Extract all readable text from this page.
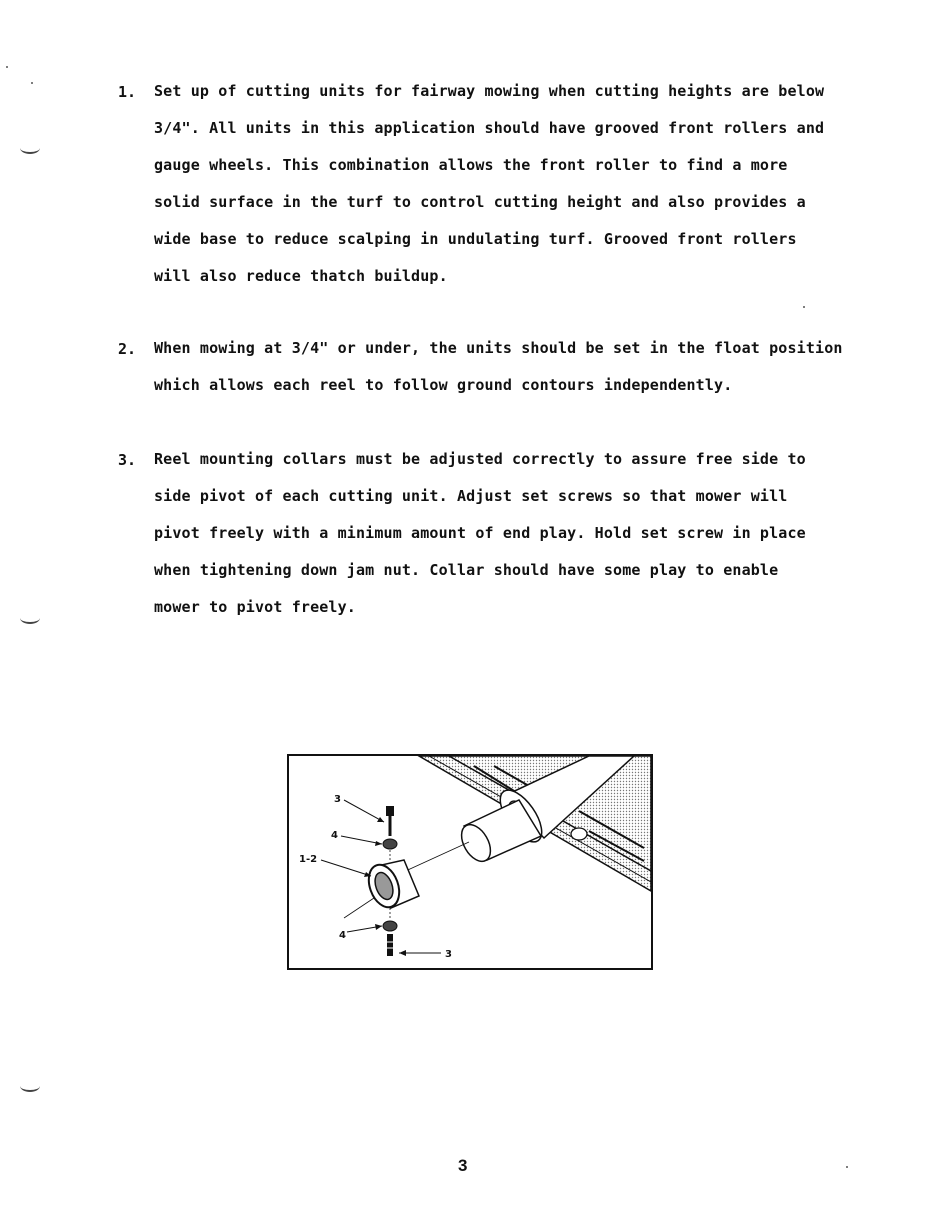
1. Set up of cutting units for fairway mowing when cutting heights are below
3/4". All units in this application should have grooved front rollers and
gauge wheels. This combination allows the front roller to find a more
solid surface in the turf to control cutting height and also provides a
wide base to reduce scalping in undulating turf. Grooved front rollers
will also reduce thatch buildup.
2. When mowing at 3/4" or under, the units should be set in the float position
which allows each reel to follow ground contours independently.
3. Reel mounting collars must be adjusted correctly to assure free side to
side pivot of each cutting unit. Adjust set screws so that mower will
pivot freely with a minimum amount of end play. Hold set screw in place
when tightening down jam nut. Collar should have some play to enable
mower to pivot freely.
3
4
1-2
4
3
3
